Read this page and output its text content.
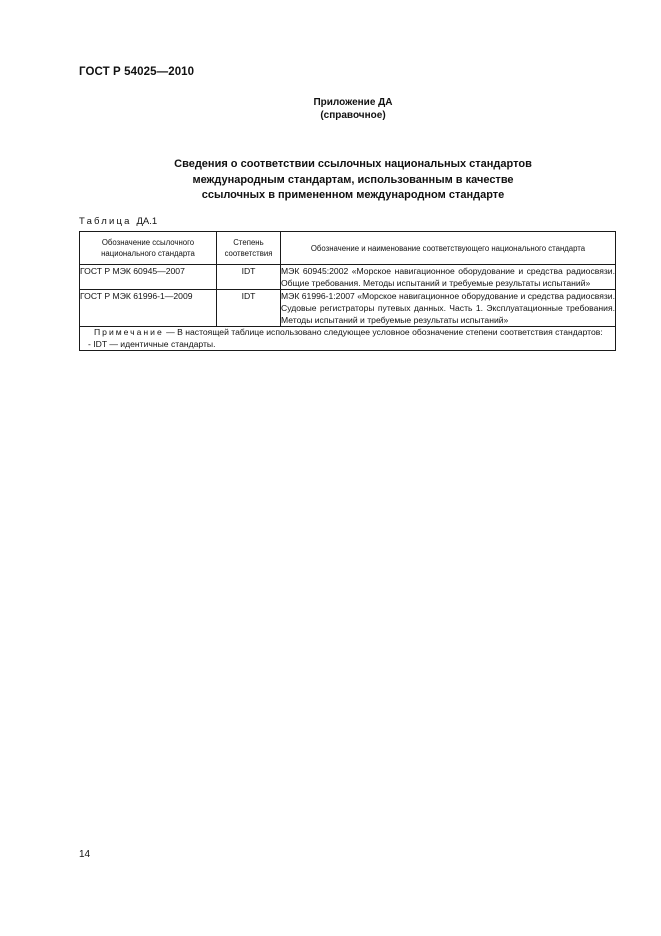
ГОСТ Р 54025—2010
Приложение ДА
(справочное)
Сведения о соответствии ссылочных национальных стандартов
международным стандартам, использованным в качестве
ссылочных в примененном международном стандарте
Таблица ДА.1
Обозначение ссылочного национального стандарта	Степень соответствия	Обозначение и наименование соответствующего национального стандарта
ГОСТ Р МЭК 60945—2007	IDT	МЭК 60945:2002 «Морское навигационное оборудование и средства радиосвязи. Общие требования. Методы испытаний и требуемые результаты испытаний»
ГОСТ Р МЭК 61996-1—2009	IDT	МЭК 61996-1:2007 «Морское навигационное оборудование и средства радиосвязи. Судовые регистраторы путевых данных. Часть 1. Эксплуатационные требования. Методы испытаний и требуемые результаты испытаний»
Примечание — В настоящей таблице использовано следующее условное обозначение степени соответствия стандартов:
- IDT — идентичные стандарты.		
14
